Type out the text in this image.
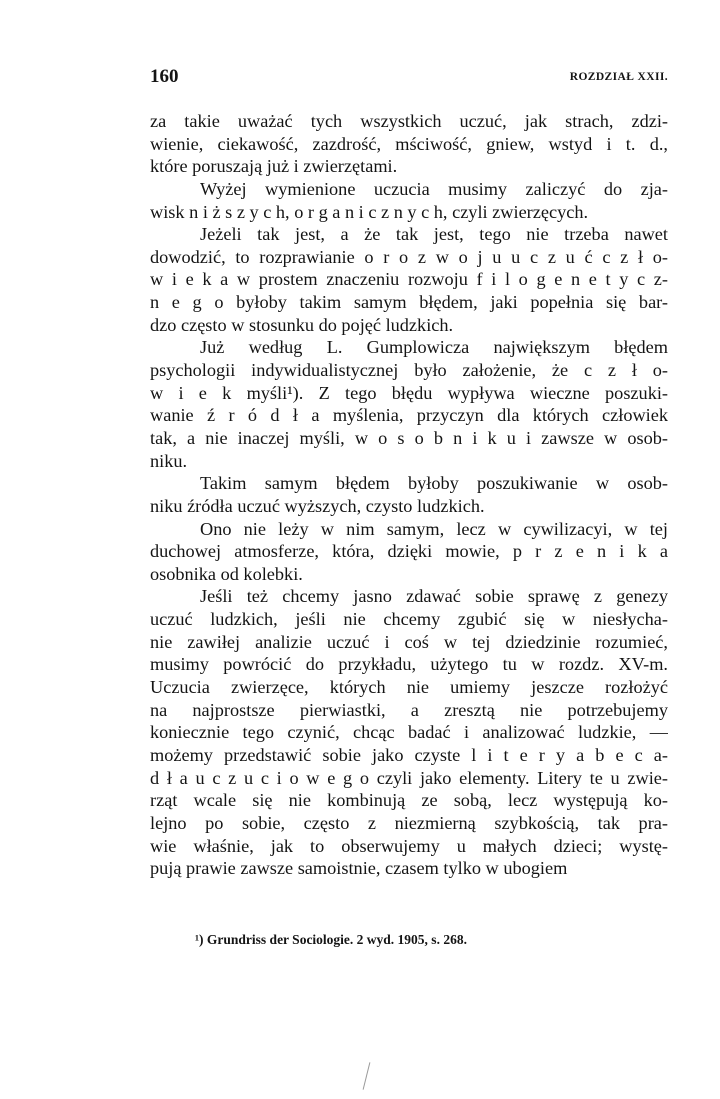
160	ROZDZIAŁ XXII.

za takie uważać tych wszystkich uczuć, jak strach, zdzi-
wienie, ciekawość, zazdrość, mściwość, gniew, wstyd i t. d.,
które poruszają już i zwierzętami.

Wyżej wymienione uczucia musimy zaliczyć do zja-
wisk n i ż s z y c h, o r g a n i c z n y c h, czyli zwierzęcych.

Jeżeli tak jest, a że tak jest, tego nie trzeba nawet
dowodzić, to rozprawianie o r o z w o j u u c z u ć c z ł o-
w i e k a w prostem znaczeniu rozwoju f i l o g e n e t y c z-
n e g o byłoby takim samym błędem, jaki popełnia się bar-
dzo często w stosunku do pojęć ludzkich.

Już według L. Gumplowicza największym błędem
psychologii indywidualistycznej było założenie, że c z ł o-
w i e k myśli¹). Z tego błędu wypływa wieczne poszuki-
wanie ź r ó d ł a myślenia, przyczyn dla których człowiek
tak, a nie inaczej myśli, w o s o b n i k u i zawsze w osob-
niku.

Takim samym błędem byłoby poszukiwanie w osob-
niku źródła uczuć wyższych, czysto ludzkich.

Ono nie leży w nim samym, lecz w cywilizacyi, w tej
duchowej atmosferze, która, dzięki mowie, p r z e n i k a
osobnika od kolebki.

Jeśli też chcemy jasno zdawać sobie sprawę z genezy
uczuć ludzkich, jeśli nie chcemy zgubić się w niesłycha-
nie zawiłej analizie uczuć i coś w tej dziedzinie rozumieć,
musimy powrócić do przykładu, użytego tu w rozdz. XV-m.
Uczucia zwierzęce, których nie umiemy jeszcze rozłożyć
na najprostsze pierwiastki, a zresztą nie potrzebujemy
koniecznie tego czynić, chcąc badać i analizować ludzkie, —
możemy przedstawić sobie jako czyste l i t e r y a b e c a-
d ł a u c z u c i o w e g o czyli jako elementy. Litery te u zwie-
rząt wcale się nie kombinują ze sobą, lecz występują ko-
lejno po sobie, często z niezmierną szybkością, tak pra-
wie właśnie, jak to obserwujemy u małych dzieci; wystę-
pują prawie zawsze samoistnie, czasem tylko w ubogiem

¹) Grundriss der Sociologie. 2 wyd. 1905, s. 268.
